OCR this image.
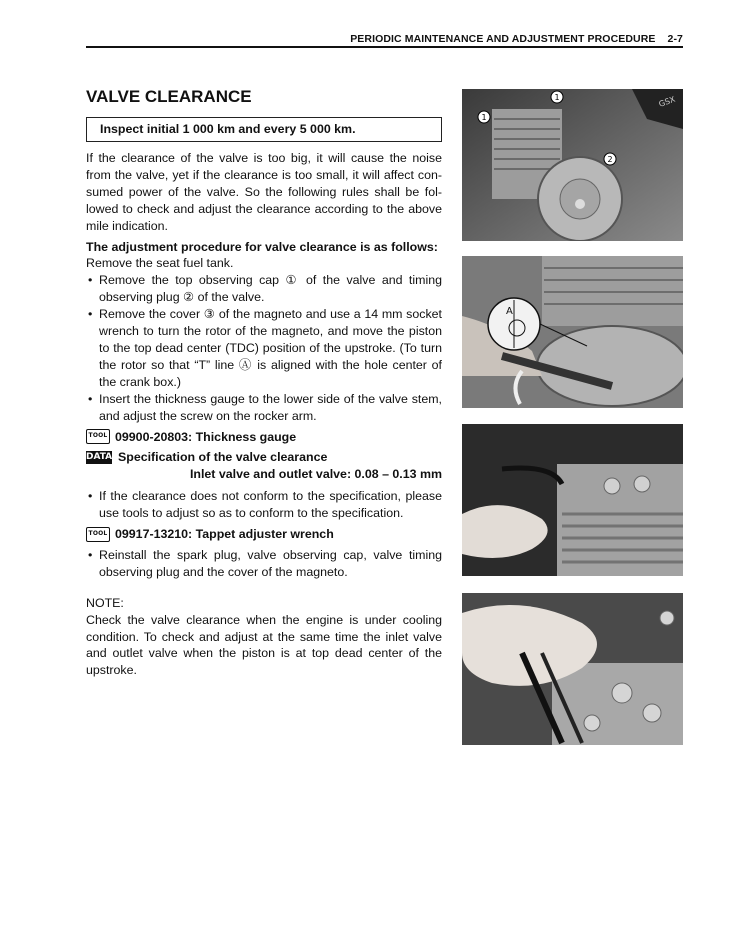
PERIODIC MAINTENANCE AND ADJUSTMENT PROCEDURE 2-7
VALVE CLEARANCE
Inspect initial 1 000 km and every 5 000 km.
If the clearance of the valve is too big, it will cause the noise from the valve, yet if the clearance is too small, it will affect con-sumed power of the valve. So the following rules shall be fol-lowed to check and adjust the clearance according to the above mile indication.
The adjustment procedure for valve clearance is as follows:
Remove the seat fuel tank.
• Remove the top observing cap ① of the valve and timing observing plug ② of the valve.
• Remove the cover ③ of the magneto and use a 14 mm socket wrench to turn the rotor of the magneto, and move the piston to the top dead center (TDC) position of the upstroke. (To turn the rotor so that “T” line Ⓐ is aligned with the hole center of the crank box.)
• Insert the thickness gauge to the lower side of the valve stem, and adjust the screw on the rocker arm.
TOOL 09900-20803: Thickness gauge
DATA Specification of the valve clearance
Inlet valve and outlet valve: 0.08 – 0.13 mm
• If the clearance does not conform to the specification, please use tools to adjust so as to conform to the specification.
TOOL 09917-13210: Tappet adjuster wrench
• Reinstall the spark plug, valve observing cap, valve timing observing plug and the cover of the magneto.
NOTE:
Check the valve clearance when the engine is under cooling condition. To check and adjust at the same time the inlet valve and outlet valve when the piston is at top dead center of the upstroke.
GSX
1
1
2
A
